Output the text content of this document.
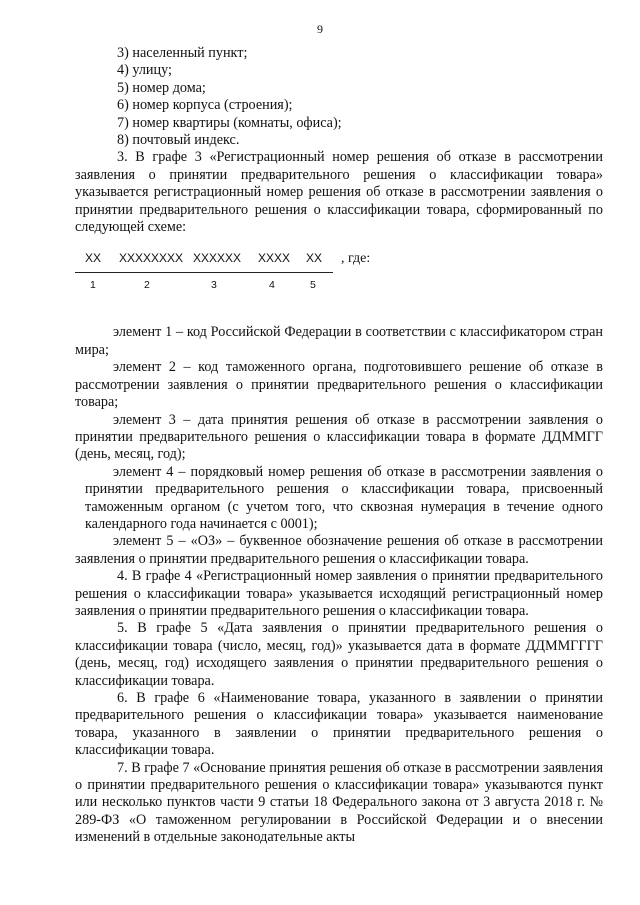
9

3) населенный пункт;

4) улицу;

5) номер дома;

6) номер корпуса (строения);

7) номер квартиры (комнаты, офиса);

8) почтовый индекс.

3. В графе 3 «Регистрационный номер решения об отказе в рассмотрении заявления о принятии предварительного решения о классификации товара» указывается регистрационный номер решения об отказе в рассмотрении заявления о принятии предварительного решения о классификации товара, сформированный по следующей схеме:

XX XXXXXXXX XXXXXX XXXX XX , где:
1	2	3	4	5

элемент 1 – код Российской Федерации в соответствии с классификатором стран мира;

элемент 2 – код таможенного органа, подготовившего решение об отказе в рассмотрении заявления о принятии предварительного решения о классификации товара;

элемент 3 – дата принятия решения об отказе в рассмотрении заявления о принятии предварительного решения о классификации товара в формате ДДММГГ (день, месяц, год);

элемент 4 – порядковый номер решения об отказе в рассмотрении заявления о принятии предварительного решения о классификации товара, присвоенный таможенным органом (с учетом того, что сквозная нумерация в течение одного календарного года начинается с 0001);

элемент 5 – «ОЗ» – буквенное обозначение решения об отказе в рассмотрении заявления о принятии предварительного решения о классификации товара.

4. В графе 4 «Регистрационный номер заявления о принятии предварительного решения о классификации товара» указывается исходящий регистрационный номер заявления о принятии предварительного решения о классификации товара.

5. В графе 5 «Дата заявления о принятии предварительного решения о классификации товара (число, месяц, год)» указывается дата в формате ДДММГГГГ (день, месяц, год) исходящего заявления о принятии предварительного решения о классификации товара.

6. В графе 6 «Наименование товара, указанного в заявлении о принятии предварительного решения о классификации товара» указывается наименование товара, указанного в заявлении о принятии предварительного решения о классификации товара.

7. В графе 7 «Основание принятия решения об отказе в рассмотрении заявления о принятии предварительного решения о классификации товара» указываются пункт или несколько пунктов части 9 статьи 18 Федерального закона от 3 августа 2018 г. № 289-ФЗ «О таможенном регулировании в Российской Федерации и о внесении изменений в отдельные законодательные акты
